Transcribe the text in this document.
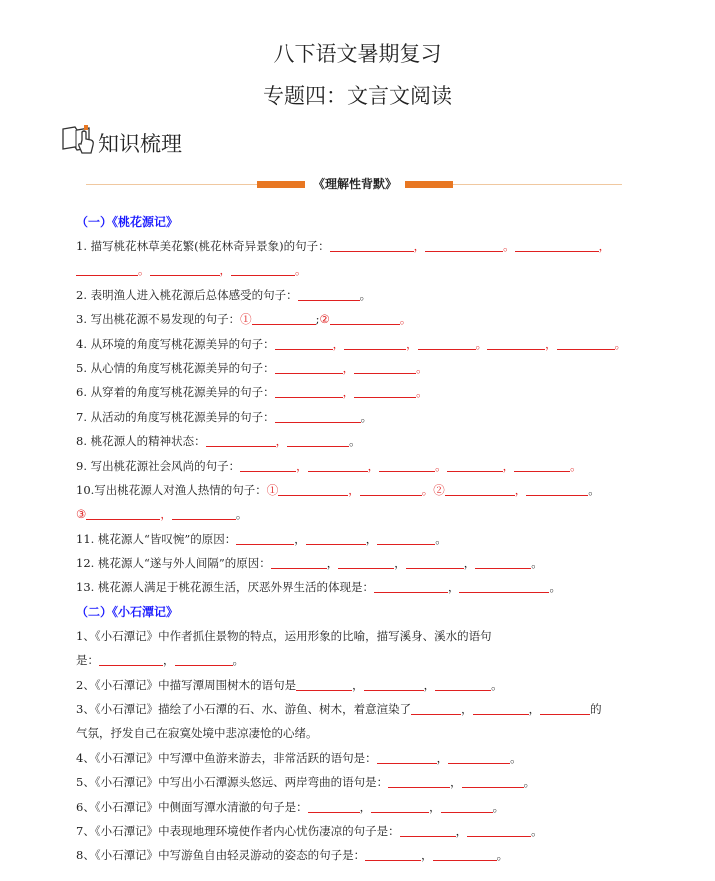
八下语文暑期复习
专题四：文言文阅读
知识梳理
《理解性背默》
（一）《桃花源记》
1. 描写桃花林草美花繁(桃花林奇异景象)的句子：	，	。	，
。	，	。
2. 表明渔人进入桃花源后总体感受的句子：	。
3. 写出桃花源不易发现的句子：①	;②	。
4. 从环境的角度写桃花源美异的句子：	，	，	。	，	。
5. 从心情的角度写桃花源美异的句子：	，	。
6. 从穿着的角度写桃花源美异的句子：	，	。
7. 从活动的角度写桃花源美异的句子：	。
8. 桃花源人的精神状态：	，	。
9. 写出桃花源社会风尚的句子：	，	，	。	，	。
10.写出桃花源人对渔人热情的句子：①	，	。②	，	。
③	，	。
11. 桃花源人“皆叹惋”的原因：	，	，	。
12. 桃花源人“遂与外人间隔”的原因：	，	，	，	。
13. 桃花源人满足于桃花源生活，厌恶外界生活的体现是：	，	。
（二）《小石潭记》
1、《小石潭记》中作者抓住景物的特点，运用形象的比喻，描写溪身、溪水的语句
是：	，	。
2、《小石潭记》中描写潭周围树木的语句是	，	，	。
3、《小石潭记》描绘了小石潭的石、水、游鱼、树木，着意渲染了	，	，	的
气氛，抒发自己在寂寞处境中悲凉凄怆的心绪。
4、《小石潭记》中写潭中鱼游来游去，非常活跃的语句是：	，	。
5、《小石潭记》中写出小石潭源头悠远、两岸弯曲的语句是：	，	。
6、《小石潭记》中侧面写潭水清澈的句子是：	，	，	。
7、《小石潭记》中表现地理环境使作者内心忧伤凄凉的句子是：	，	。
8、《小石潭记》中写游鱼自由轻灵游动的姿态的句子是：	，	。
